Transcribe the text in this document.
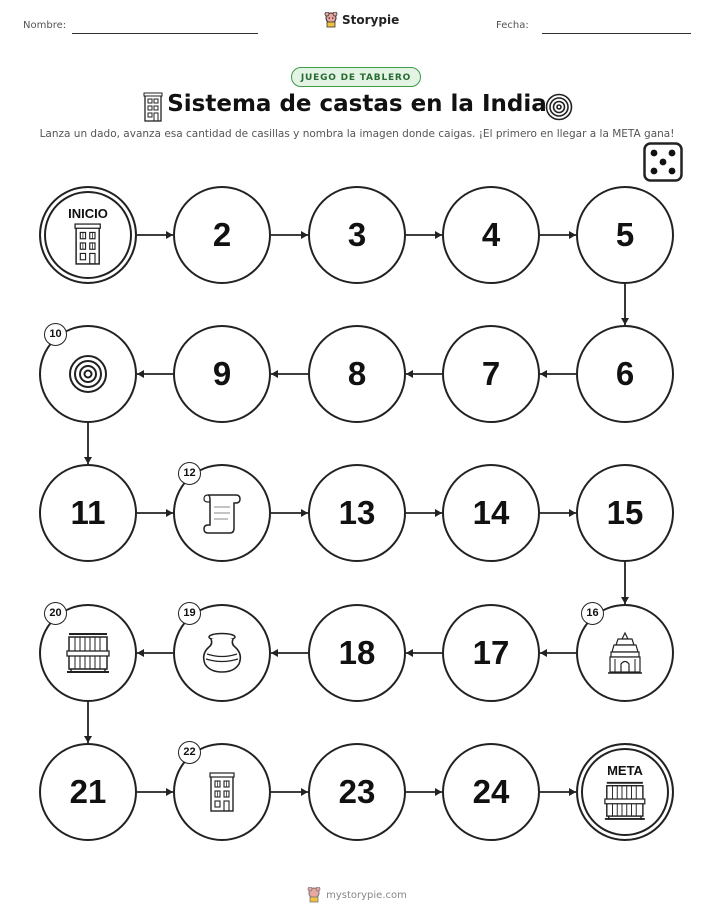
Nombre:	Storypie	Fecha:
JUEGO DE TABLERO
Sistema de castas en la India
Lanza un dado, avanza esa cantidad de casillas y nombra la imagen donde caigas. ¡El primero en llegar a la META gana!
INICIO
2	3	4	5
6
7
8
9
10
11
12
13	14	15
16
17
18
19
20
21
22
23	24
META
mystorypie.com
